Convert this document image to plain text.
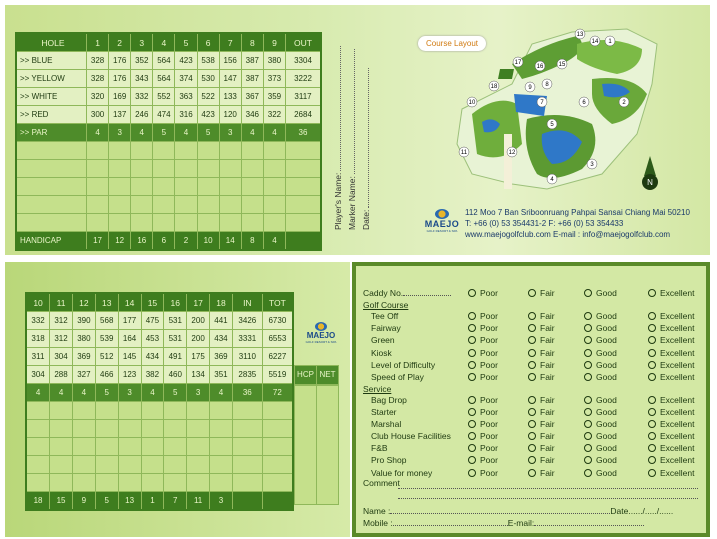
HOLE	1	2	3	4	5	6	7	8	9	OUT
>> BLUE	328	176	352	564	423	538	156	387	380	3304
>> YELLOW	328	176	343	564	374	530	147	387	373	3222
>> WHITE	320	169	332	552	363	522	133	367	359	3117
>> RED	300	137	246	474	316	423	120	346	322	2684
>> PAR	4	3	4	5	4	5	3	4	4	36

HANDICAP	17	12	16	6	2	10	14	8	4	
Player's Name:
Marker Name:
Date:
1
2
3
4
5
6
7
8
9
10
11	12
13
14
15
16
17
18
N
Course Layout
MAEJO
GOLF RESORT & SPA
112 Moo 7 Ban Sriboonruang Pahpai Sansai Chiang Mai 50210
T: +66 (0) 53 354431-2 F: +66 (0) 53 354433
www.maejogolfclub.com E-mail : info@maejogolfclub.com
10	11	12	13	14	15	16	17	18	IN	TOT
332	312	390	568	177	475	531	200	441	3426	6730
318	312	380	539	164	453	531	200	434	3331	6553
311	304	369	512	145	434	491	175	369	3110	6227
304	288	327	466	123	382	460	134	351	2835	5519
4	4	4	5	3	4	5	3	4	36	72

18	15	9	5	13	1	7	11	3		
HCP NET
MAEJO
GOLF RESORT & SPA
Caddy No.	Poor	Fair	Good	Excellent
Golf Course
Tee Off	Poor	Fair	Good	Excellent
Fairway	Poor	Fair	Good	Excellent
Green	Poor	Fair	Good	Excellent
Kiosk	Poor	Fair	Good	Excellent
Level of Difficulty	Poor	Fair	Good	Excellent
Speed of Play	Poor	Fair	Good	Excellent
Service
Bag Drop	Poor	Fair	Good	Excellent
Starter	Poor	Fair	Good	Excellent
Marshal	Poor	Fair	Good	Excellent
Club House Facilities	Poor	Fair	Good	Excellent
F&B	Poor	Fair	Good	Excellent
Pro Shop	Poor	Fair	Good	Excellent
Value for money	Poor	Fair	Good	Excellent
Comment
Name :	Date....../...../......
Mobile :	E-mail:
